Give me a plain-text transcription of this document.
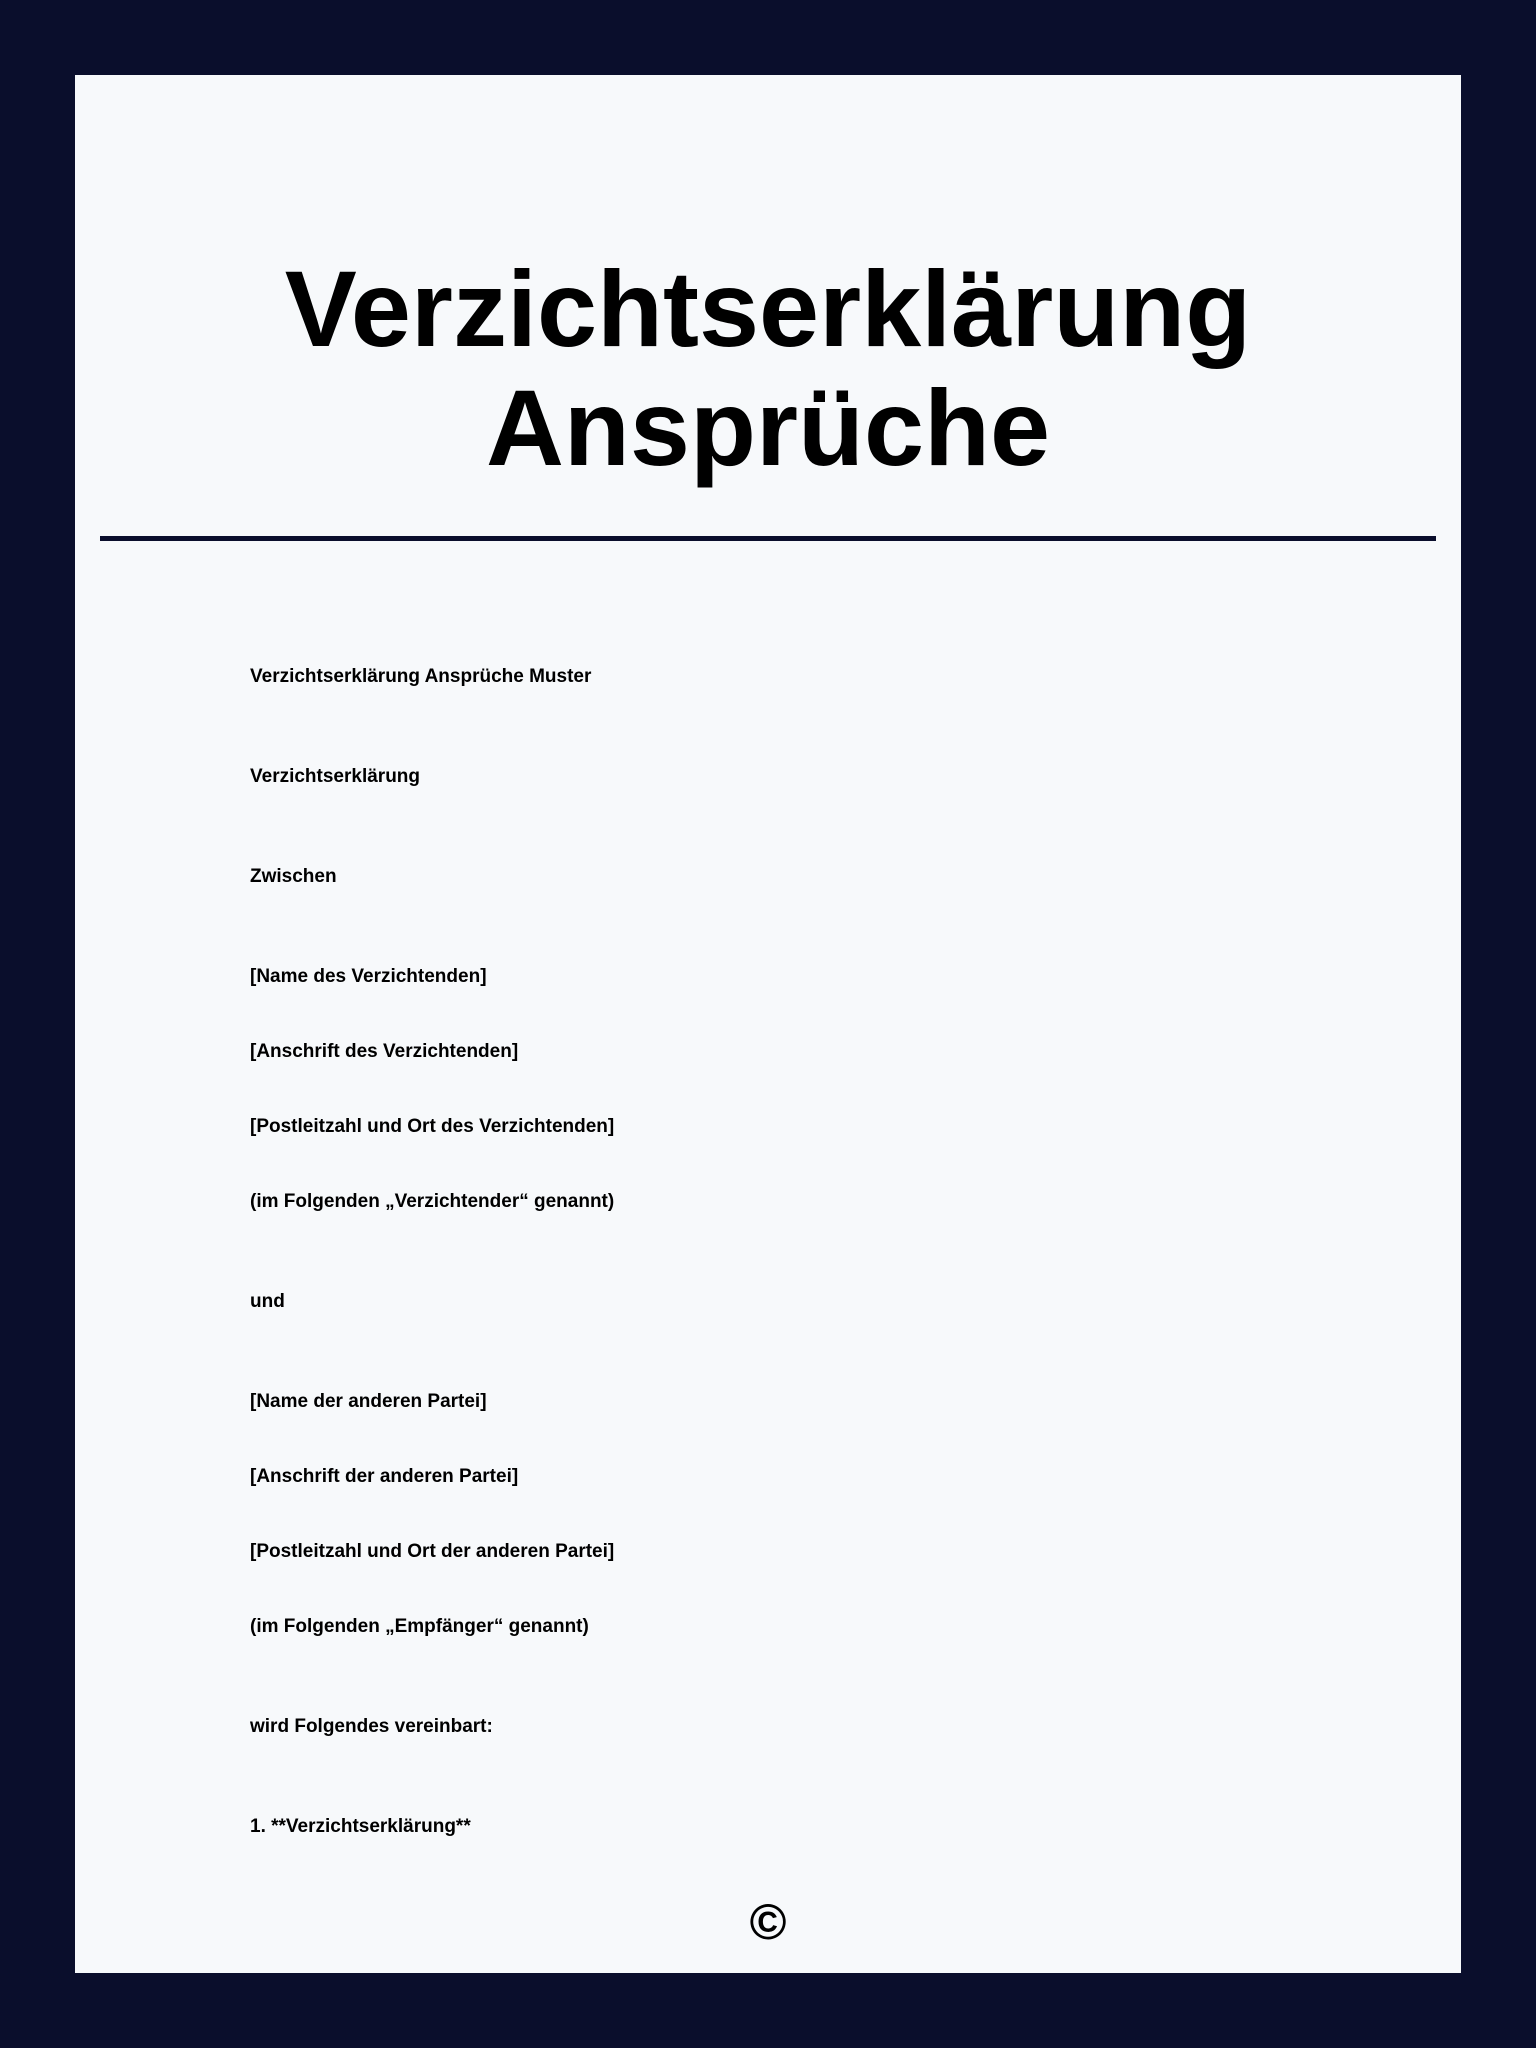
Verzichtserklärung
Ansprüche

Verzichtserklärung Ansprüche Muster

Verzichtserklärung

Zwischen

[Name des Verzichtenden]

[Anschrift des Verzichtenden]

[Postleitzahl und Ort des Verzichtenden]

(im Folgenden „Verzichtender“ genannt)

und

[Name der anderen Partei]

[Anschrift der anderen Partei]

[Postleitzahl und Ort der anderen Partei]

(im Folgenden „Empfänger“ genannt)

wird Folgendes vereinbart:

1. **Verzichtserklärung**

©
